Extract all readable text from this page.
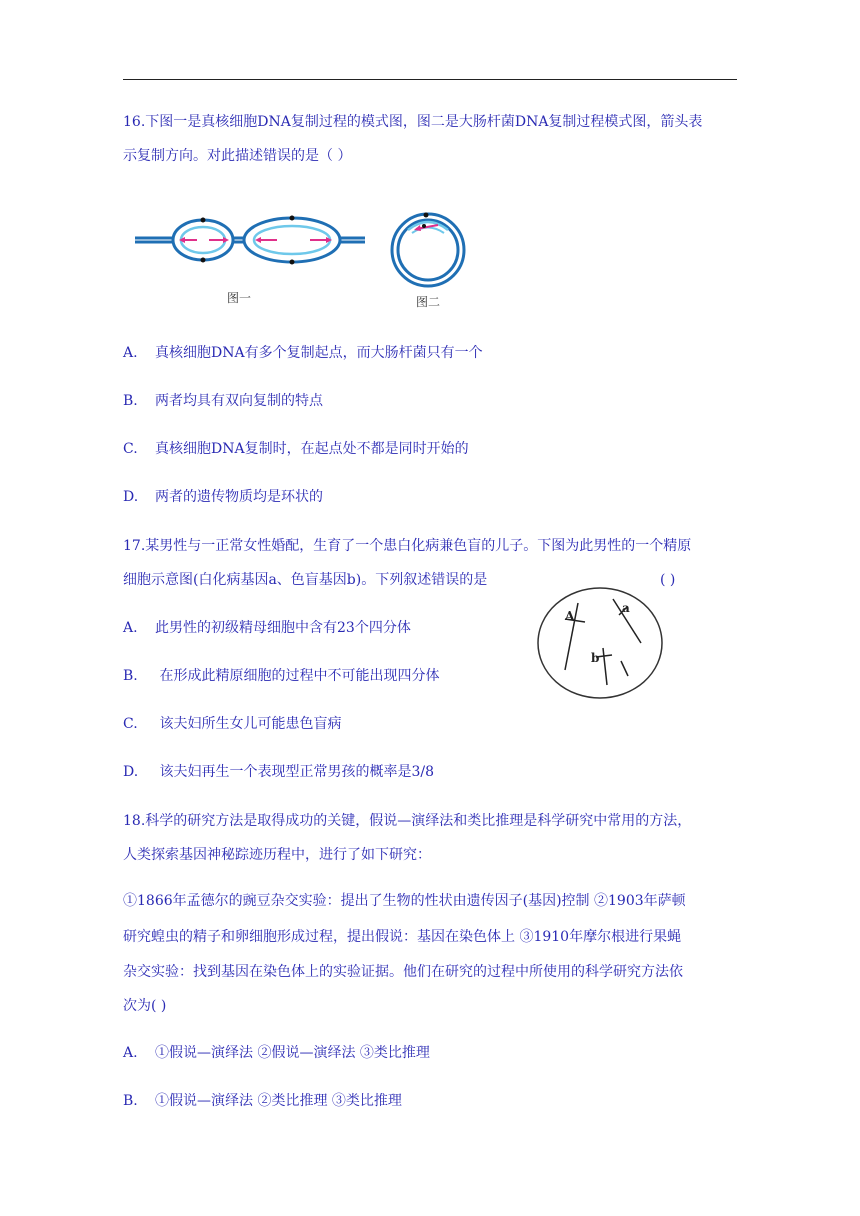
16.下图一是真核细胞DNA复制过程的模式图，图二是大肠杆菌DNA复制过程模式图，箭头表
示复制方向。对此描述错误的是（ ）
图一	图二
A. 真核细胞DNA有多个复制起点，而大肠杆菌只有一个
B. 两者均具有双向复制的特点
C. 真核细胞DNA复制时，在起点处不都是同时开始的
D. 两者的遗传物质均是环状的
17.某男性与一正常女性婚配，生育了一个患白化病兼色盲的儿子。下图为此男性的一个精原
细胞示意图(白化病基因a、色盲基因b)。下列叙述错误的是	( )
A
a
b
A. 此男性的初级精母细胞中含有23个四分体
B. 在形成此精原细胞的过程中不可能出现四分体
C. 该夫妇所生女儿可能患色盲病
D. 该夫妇再生一个表现型正常男孩的概率是3/8
18.科学的研究方法是取得成功的关键，假说—演绎法和类比推理是科学研究中常用的方法，
人类探索基因神秘踪迹历程中，进行了如下研究：
①1866年孟德尔的豌豆杂交实验：提出了生物的性状由遗传因子(基因)控制 ②1903年萨顿
研究蝗虫的精子和卵细胞形成过程，提出假说：基因在染色体上 ③1910年摩尔根进行果蝇
杂交实验：找到基因在染色体上的实验证据。他们在研究的过程中所使用的科学研究方法依
次为( )
A. ①假说—演绎法 ②假说—演绎法 ③类比推理
B. ①假说—演绎法 ②类比推理 ③类比推理
